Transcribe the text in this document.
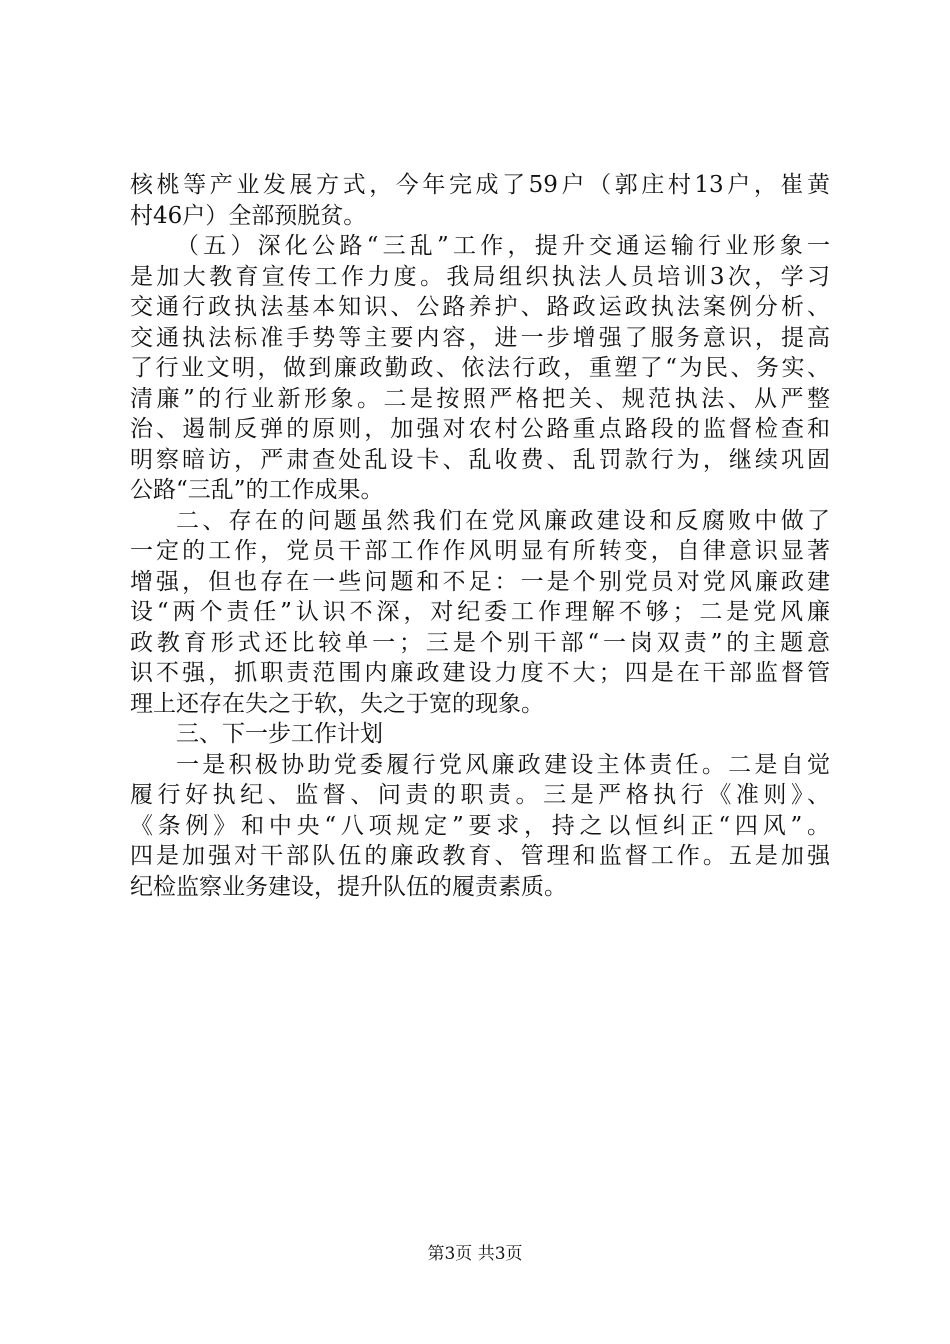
核桃等产业发展方式，今年完成了59户（郭庄村13户，崔黄
村46户）全部预脱贫。
（五）深化公路“三乱”工作，提升交通运输行业形象一
是加大教育宣传工作力度。我局组织执法人员培训3次，学习
交通行政执法基本知识、公路养护、路政运政执法案例分析、
交通执法标准手势等主要内容，进一步增强了服务意识，提高
了行业文明，做到廉政勤政、依法行政，重塑了“为民、务实、
清廉”的行业新形象。二是按照严格把关、规范执法、从严整
治、遏制反弹的原则，加强对农村公路重点路段的监督检查和
明察暗访，严肃查处乱设卡、乱收费、乱罚款行为，继续巩固
公路“三乱”的工作成果。
二、存在的问题虽然我们在党风廉政建设和反腐败中做了
一定的工作，党员干部工作作风明显有所转变，自律意识显著
增强，但也存在一些问题和不足：一是个别党员对党风廉政建
设“两个责任”认识不深，对纪委工作理解不够；二是党风廉
政教育形式还比较单一；三是个别干部“一岗双责”的主题意
识不强，抓职责范围内廉政建设力度不大；四是在干部监督管
理上还存在失之于软，失之于宽的现象。
三、下一步工作计划
一是积极协助党委履行党风廉政建设主体责任。二是自觉
履行好执纪、监督、问责的职责。三是严格执行《准则》、
《条例》和中央“八项规定”要求，持之以恒纠正“四风”。
四是加强对干部队伍的廉政教育、管理和监督工作。五是加强
纪检监察业务建设，提升队伍的履责素质。
第3页 共3页
